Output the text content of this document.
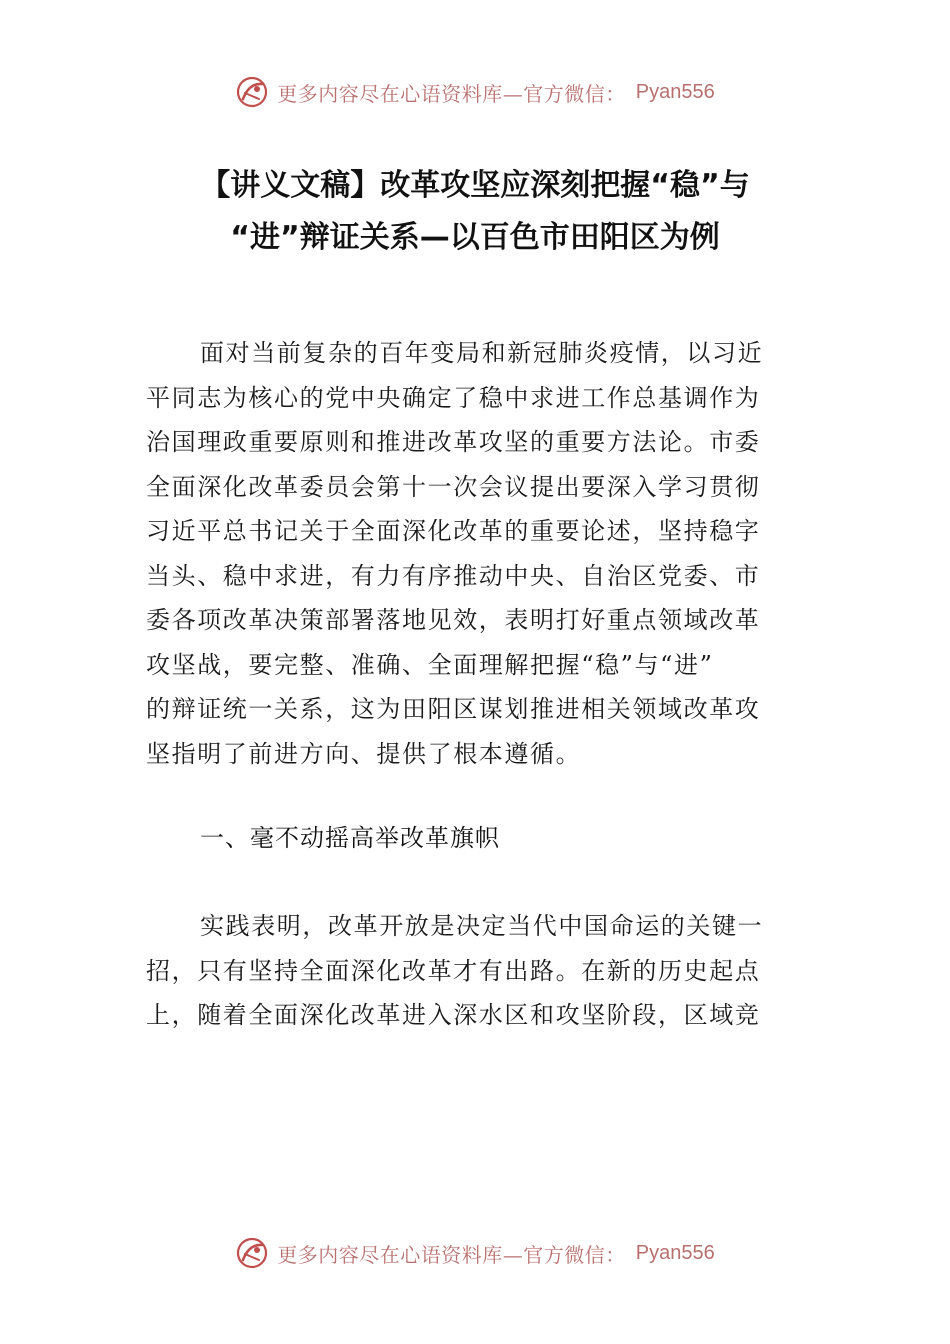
更多内容尽在心语资料库—官方微信： Pyan556
【讲义文稿】改革攻坚应深刻把握“稳”与
“进”辩证关系—以百色市田阳区为例
面对当前复杂的百年变局和新冠肺炎疫情，以习近
平同志为核心的党中央确定了稳中求进工作总基调作为
治国理政重要原则和推进改革攻坚的重要方法论。市委
全面深化改革委员会第十一次会议提出要深入学习贯彻
习近平总书记关于全面深化改革的重要论述，坚持稳字
当头、稳中求进，有力有序推动中央、自治区党委、市
委各项改革决策部署落地见效，表明打好重点领域改革
攻坚战，要完整、准确、全面理解把握“稳”与“进”
的辩证统一关系，这为田阳区谋划推进相关领域改革攻
坚指明了前进方向、提供了根本遵循。
一、毫不动摇高举改革旗帜
实践表明，改革开放是决定当代中国命运的关键一
招，只有坚持全面深化改革才有出路。在新的历史起点
上，随着全面深化改革进入深水区和攻坚阶段，区域竞
更多内容尽在心语资料库—官方微信： Pyan556
